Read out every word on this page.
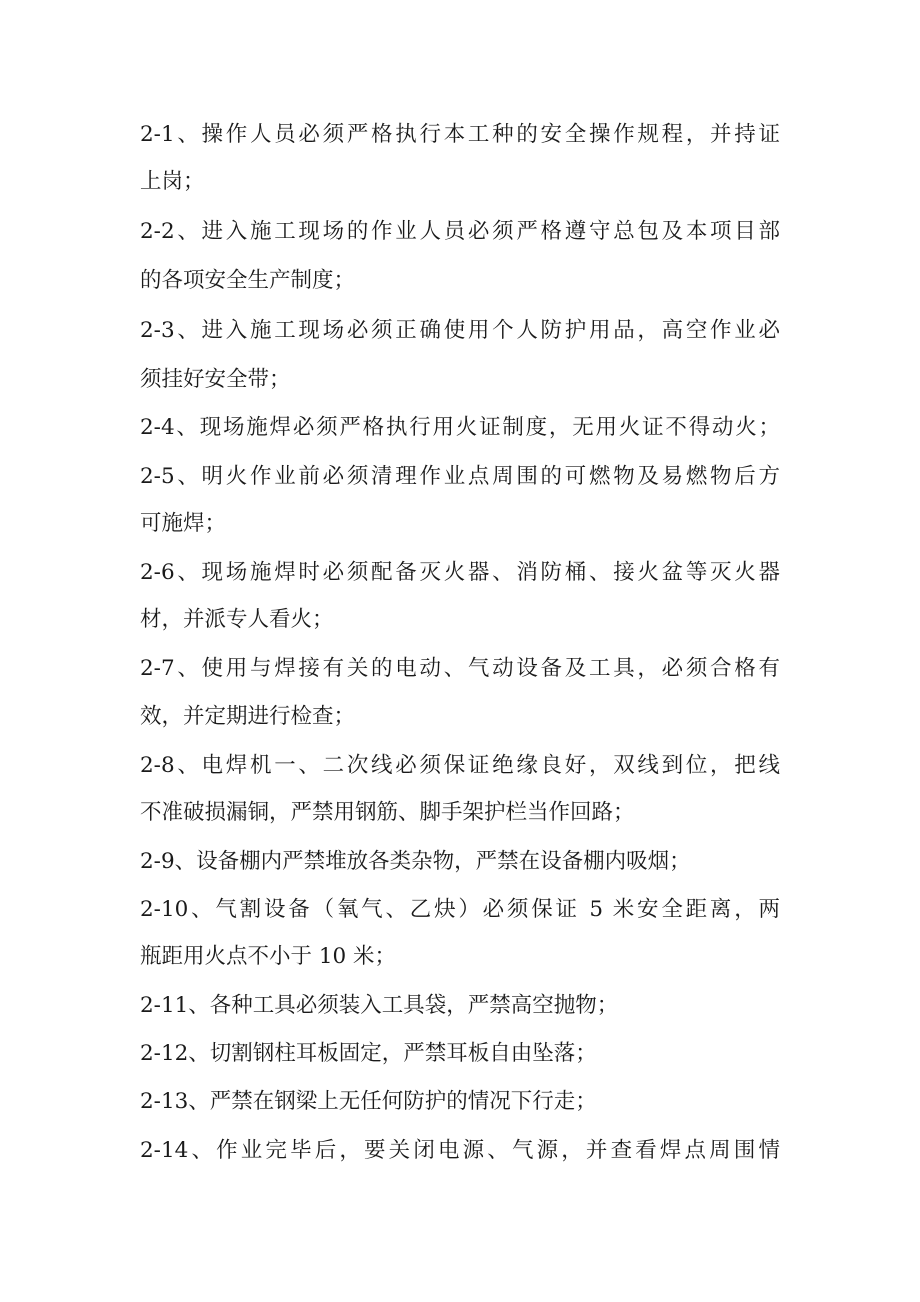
2-1、操作人员必须严格执行本工种的安全操作规程，并持证
上岗；
2-2、进入施工现场的作业人员必须严格遵守总包及本项目部
的各项安全生产制度；
2-3、进入施工现场必须正确使用个人防护用品，高空作业必
须挂好安全带；
2-4、现场施焊必须严格执行用火证制度，无用火证不得动火；
2-5、明火作业前必须清理作业点周围的可燃物及易燃物后方
可施焊；
2-6、现场施焊时必须配备灭火器、消防桶、接火盆等灭火器
材，并派专人看火；
2-7、使用与焊接有关的电动、气动设备及工具，必须合格有
效，并定期进行检查；
2-8、电焊机一、二次线必须保证绝缘良好，双线到位，把线
不准破损漏铜，严禁用钢筋、脚手架护栏当作回路；
2-9、设备棚内严禁堆放各类杂物，严禁在设备棚内吸烟；
2-10、气割设备（氧气、乙炔）必须保证 5 米安全距离，两
瓶距用火点不小于 10 米；
2-11、各种工具必须装入工具袋，严禁高空抛物；
2-12、切割钢柱耳板固定，严禁耳板自由坠落；
2-13、严禁在钢梁上无任何防护的情况下行走；
2-14、作业完毕后，要关闭电源、气源，并查看焊点周围情
